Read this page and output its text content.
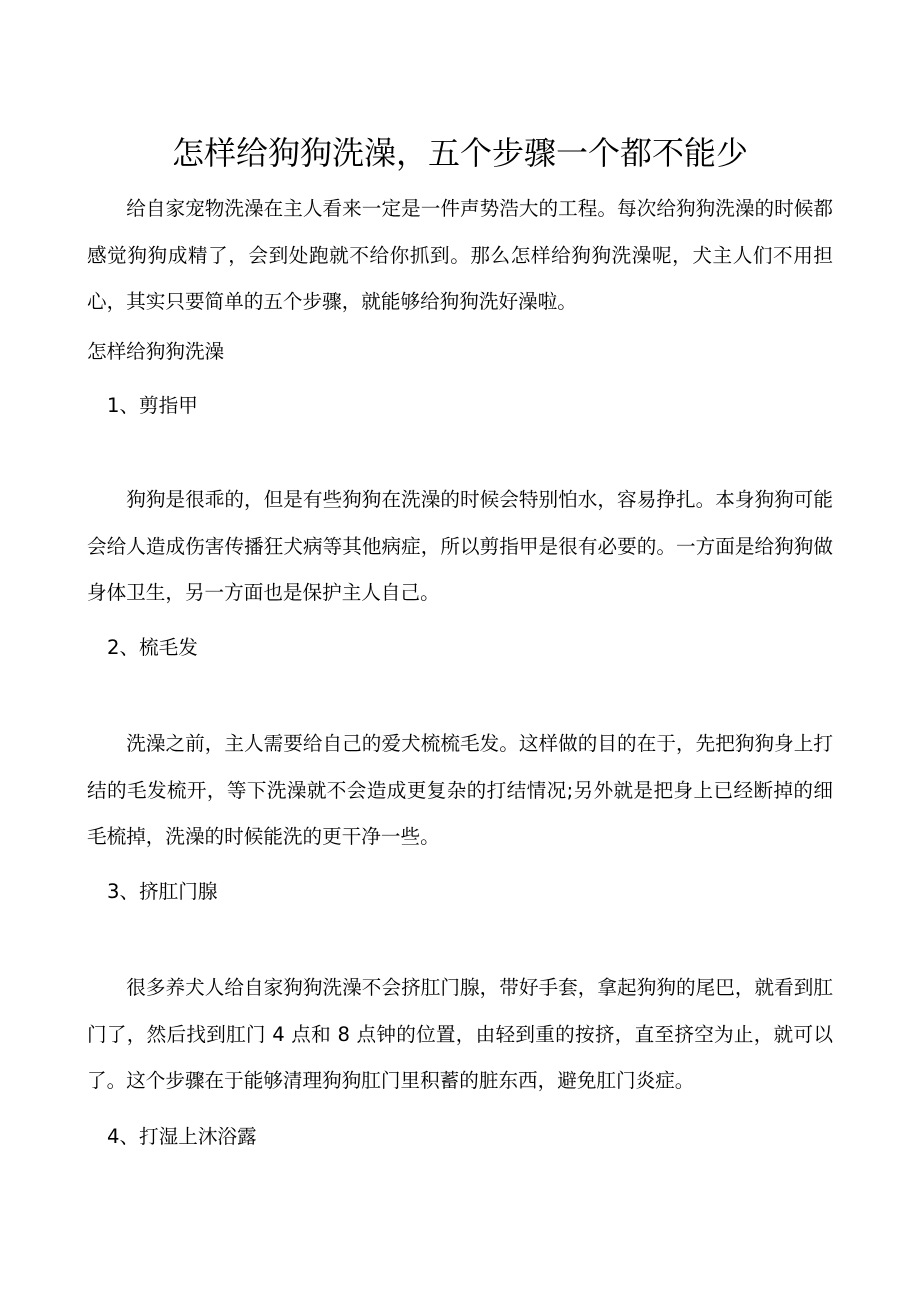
怎样给狗狗洗澡，五个步骤一个都不能少

给自家宠物洗澡在主人看来一定是一件声势浩大的工程。每次给狗狗洗澡的时候都感觉狗狗成精了，会到处跑就不给你抓到。那么怎样给狗狗洗澡呢，犬主人们不用担心，其实只要简单的五个步骤，就能够给狗狗洗好澡啦。

怎样给狗狗洗澡
1、剪指甲

狗狗是很乖的，但是有些狗狗在洗澡的时候会特别怕水，容易挣扎。本身狗狗可能会给人造成伤害传播狂犬病等其他病症，所以剪指甲是很有必要的。一方面是给狗狗做身体卫生，另一方面也是保护主人自己。

2、梳毛发

洗澡之前，主人需要给自己的爱犬梳梳毛发。这样做的目的在于，先把狗狗身上打结的毛发梳开，等下洗澡就不会造成更复杂的打结情况;另外就是把身上已经断掉的细毛梳掉，洗澡的时候能洗的更干净一些。

3、挤肛门腺

很多养犬人给自家狗狗洗澡不会挤肛门腺，带好手套，拿起狗狗的尾巴，就看到肛门了，然后找到肛门 4 点和 8 点钟的位置，由轻到重的按挤，直至挤空为止，就可以了。这个步骤在于能够清理狗狗肛门里积蓄的脏东西，避免肛门炎症。

4、打湿上沐浴露
